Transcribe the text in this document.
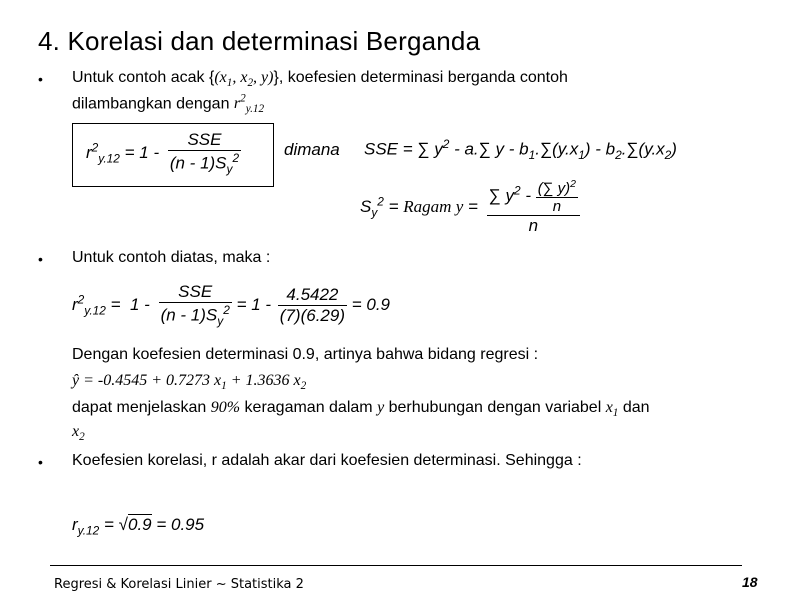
4. Korelasi dan determinasi Berganda
• Untuk contoh acak {($x_1$, $x_2$, y)}, koefesien determinasi berganda contoh
dilambangkan dengan $r^2_{y.12}$
$r^2_{y.12} = 1 - \frac{\text{SSE}}{(n - 1)S_y^2}$	dimana SSE = ∑ $y^2 - a.\sum$ y - $b_1.\sum(y.x_1) - b_2.\sum(y.x_2)$
$S_y^2$ = Ragam $y = \frac{\sum y^2 - \frac{(\sum y)^2}{n}}{n}$
• Untuk contoh diatas, maka :
$r^2_{y.12} = 1 - \frac{\text{SSE}}{(n - 1)S_y^2} = 1 - \frac{4.5422}{(7)(6.29)} = 0.9$
Dengan koefesien determinasi 0.9, artinya bahwa bidang regresi :
ŷ = -0.4545 + 0.7273 $x_1 + 1.3636$ $x_2$
dapat menjelaskan 90% keragaman dalam y berhubungan dengan variabel $x_1$ dan
$x_2$
• Koefesien korelasi, r adalah akar dari koefesien determinasi. Sehingga :
$r_{y.12} = √0.9 = 0.95$
Regresi & Korelasi Linier ~ Statistika 2	18
